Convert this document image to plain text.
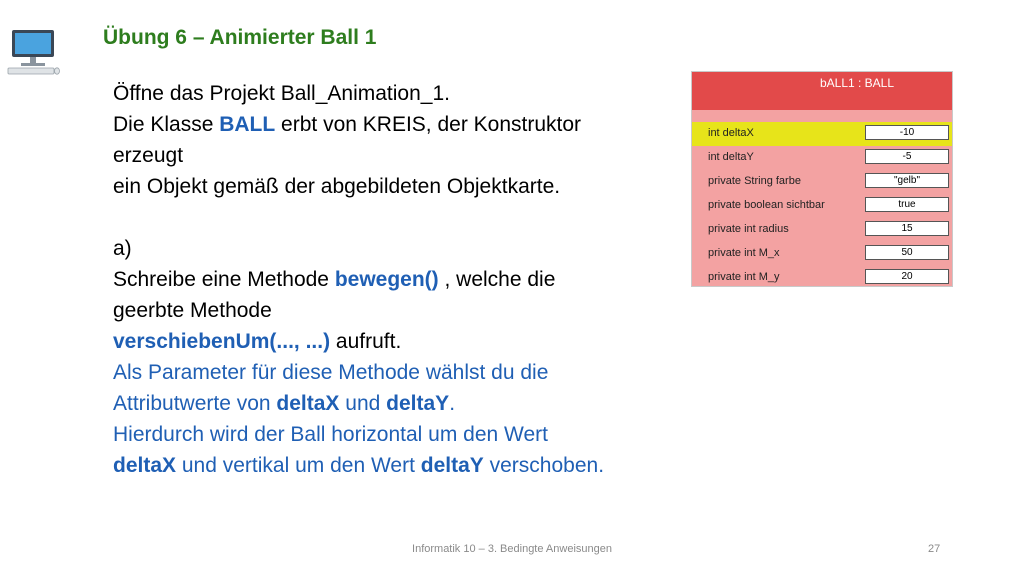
Übung 6 – Animierter Ball 1
Öffne das Projekt Ball_Animation_1.
Die Klasse BALL erbt von KREIS, der Konstruktor
erzeugt
ein Objekt gemäß der abgebildeten Objektkarte.
a)
Schreibe eine Methode bewegen() , welche die
geerbte Methode
verschiebenUm(..., ...) aufruft.
Als Parameter für diese Methode wählst du die
Attributwerte von deltaX und deltaY.
Hierdurch wird der Ball horizontal um den Wert
deltaX und vertikal um den Wert deltaY verschoben.
bALL1 : BALL
int deltaX	-10
int deltaY	-5
private String farbe	"gelb"
private boolean sichtbar	true
private int radius	15
private int M_x	50
private int M_y	20
Informatik 10 – 3. Bedingte Anweisungen	27
